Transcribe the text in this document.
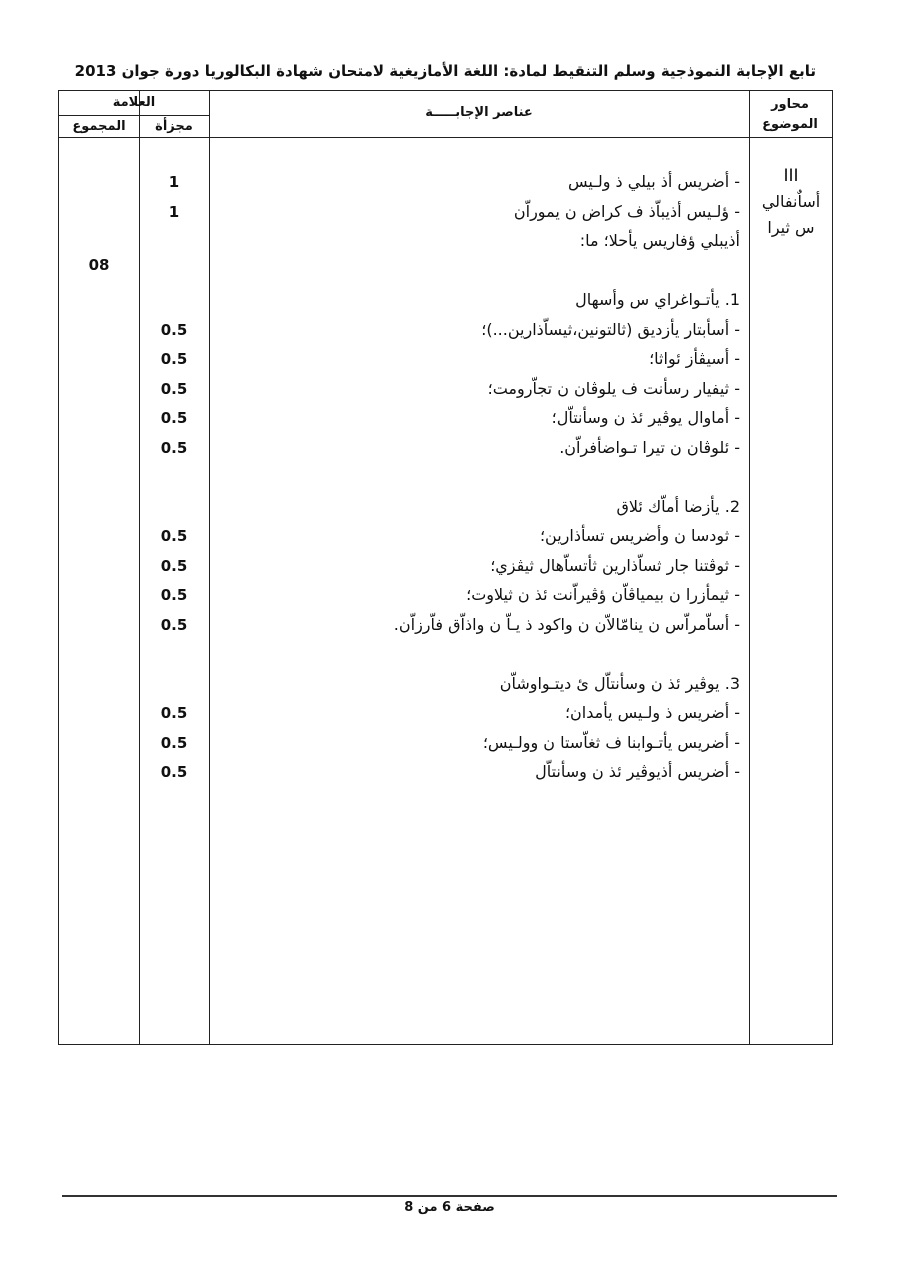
تابع الإجابة النموذجية وسلم التنقيط لمادة: اللغة الأمازيغية لامتحان شهادة البكالوريا دورة جوان 2013
العلامة
المجموع	مجزأة
عناصر الإجابـــــة
محاور الموضوع
III
أساٌنفالي
س ثيرا
08
- أضريس أذ بيلي ذ ولـيس
- ؤلـيس أذيباّذ ف كراض ن يموراّن
أذيبلي ؤفاريس يأحلا؛ ما:
1. يأتـواغراي س وأسهال
- أسأبتار يأزديق (ثالتونين،ثيساّذارين...)؛
- أسيڤأز ئواثا؛
- ثيفيار رسأنت ف يلوڤان ن تجاّرومت؛
- أماوال يوڤير ئذ ن وسأنتاّل؛
- ئلوڤان ن تيرا تـواضأفراّن.
2. يأزضا أماّك ئلاق
- ثودسا ن وأضريس تسأذارين؛
- ثوڤتنا جار ثساّذارين ثأتساّهال ثيڤزي؛
- ثيمأزرا ن بيمياڤاّن ؤڤيراّنت ئذ ن ثيلاوت؛
- أساّمراّس ن ينامّالاّن ن واكود ذ يـاّ ن واذاّق فاّرزاّن.
3. يوڤير ئذ ن وسأنتاّل ئ ديتـواوشاّن
- أضريس ذ ولـيس يأمدان؛
- أضريس يأتـوابنا ف ثغاّستا ن وولـيس؛
- أضريس أذيوڤير ئذ ن وسأنتاّل
1
1
0.5
0.5
0.5
0.5
0.5
0.5
0.5
0.5
0.5
0.5
0.5
0.5
صفحة 6 من 8
